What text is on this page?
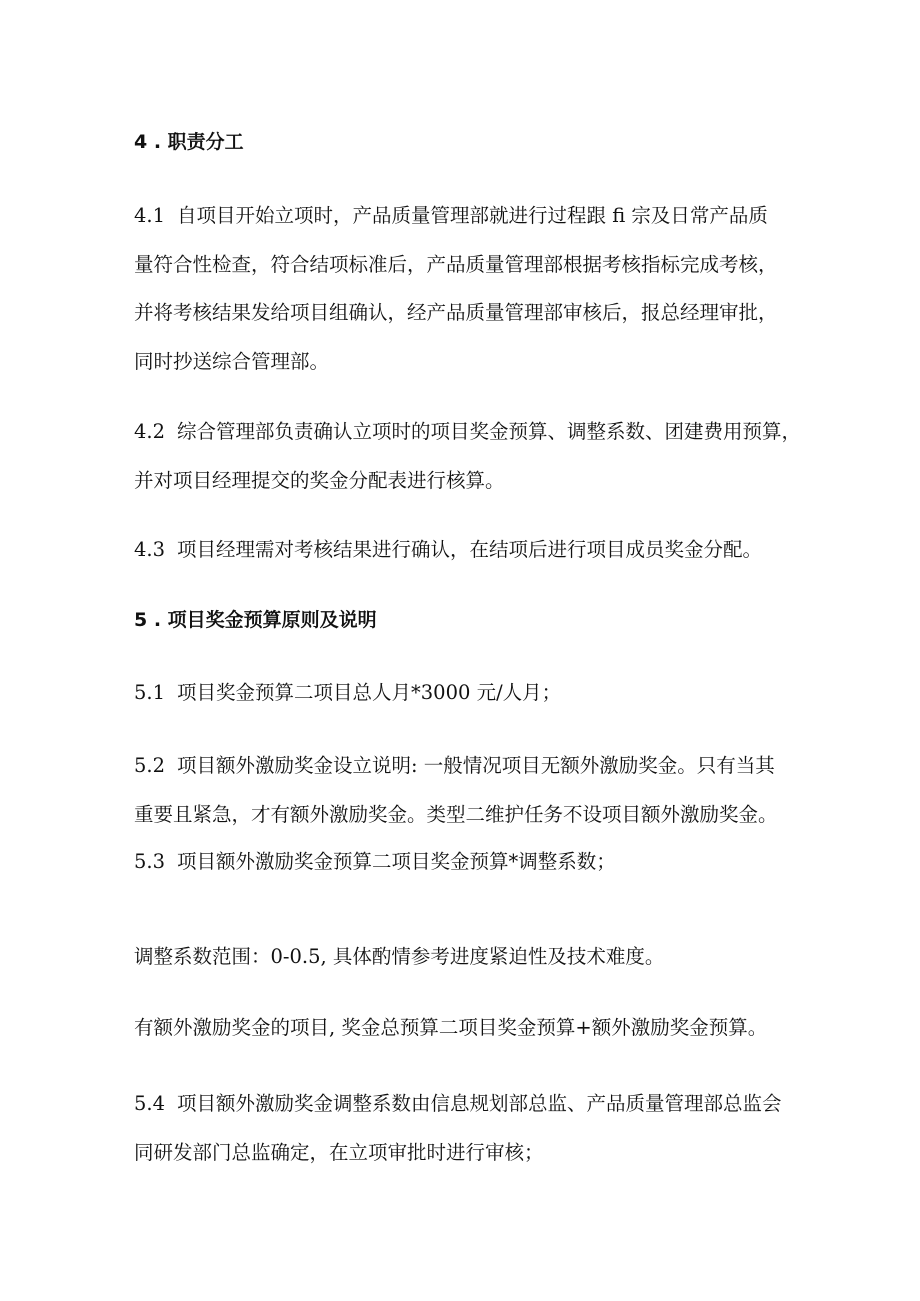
4 . 职责分工
4.1 自项目开始立项时，产品质量管理部就进行过程跟 fi 宗及日常产品质
量符合性检查，符合结项标准后，产品质量管理部根据考核指标完成考核，
并将考核结果发给项目组确认，经产品质量管理部审核后，报总经理审批，
同时抄送综合管理部。
4.2 综合管理部负责确认立项时的项目奖金预算、调整系数、团建费用预算，
并对项目经理提交的奖金分配表进行核算。
4.3 项目经理需对考核结果进行确认，在结项后进行项目成员奖金分配。
5 . 项目奖金预算原则及说明
5.1 项目奖金预算二项目总人月*3000 元/人月；
5.2 项目额外激励奖金设立说明: 一般情况项目无额外激励奖金。只有当其
重要且紧急，才有额外激励奖金。类型二维护任务不设项目额外激励奖金。
5.3 项目额外激励奖金预算二项目奖金预算*调整系数；
调整系数范围：0-0.5, 具体酌情参考进度紧迫性及技术难度。
有额外激励奖金的项目, 奖金总预算二项目奖金预算+额外激励奖金预算。
5.4 项目额外激励奖金调整系数由信息规划部总监、产品质量管理部总监会
同研发部门总监确定，在立项审批时进行审核；
